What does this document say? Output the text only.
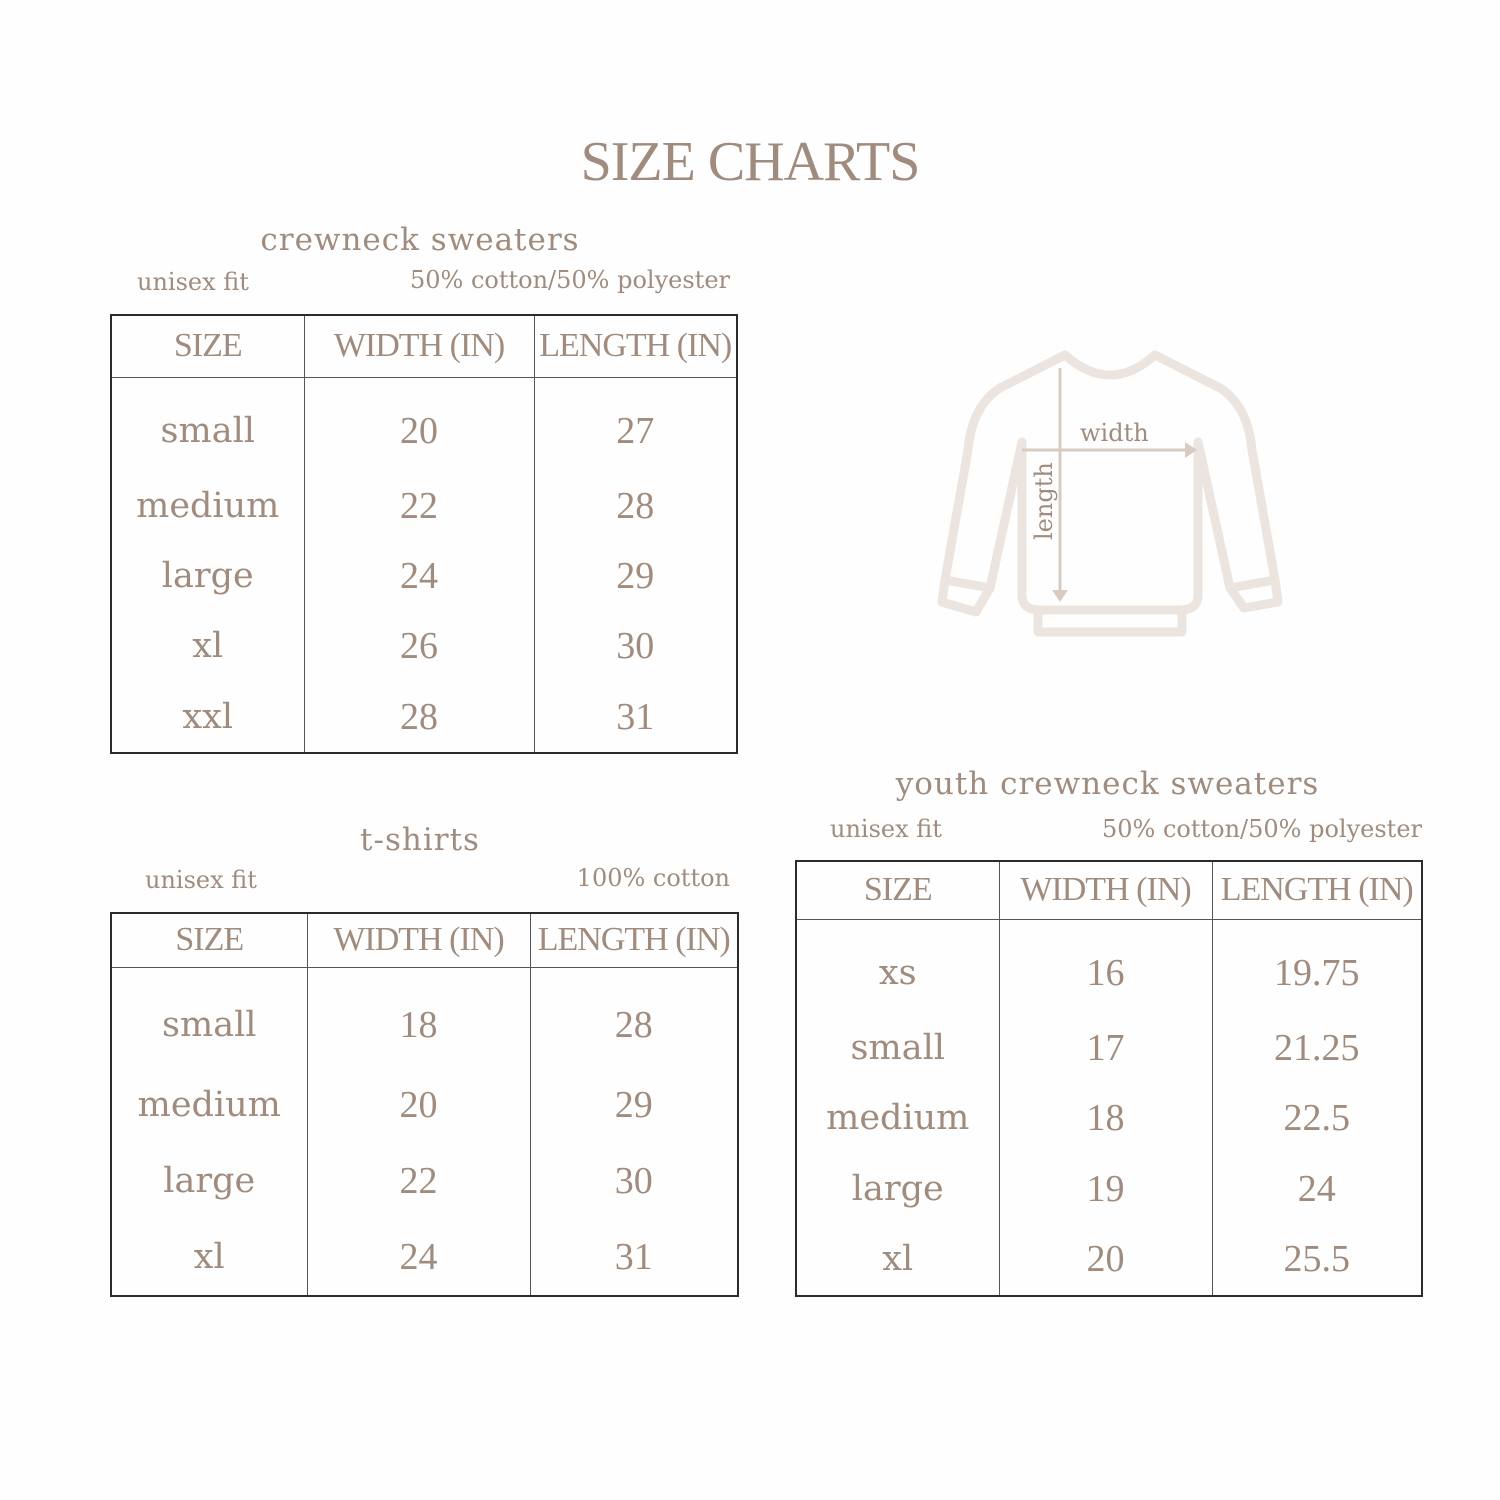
SIZE CHARTS
crewneck sweaters
unisex fit	50% cotton/50% polyester
SIZE	WIDTH (IN)	LENGTH (IN)
small	20	27
medium	22	28
large	24	29
xl	26	30
xxl	28	31
width
length
t-shirts
unisex fit	100% cotton
SIZE	WIDTH (IN)	LENGTH (IN)
small	18	28
medium	20	29
large	22	30
xl	24	31
youth crewneck sweaters
unisex fit	50% cotton/50% polyester
SIZE	WIDTH (IN)	LENGTH (IN)
xs	16	19.75
small	17	21.25
medium	18	22.5
large	19	24
xl	20	25.5
